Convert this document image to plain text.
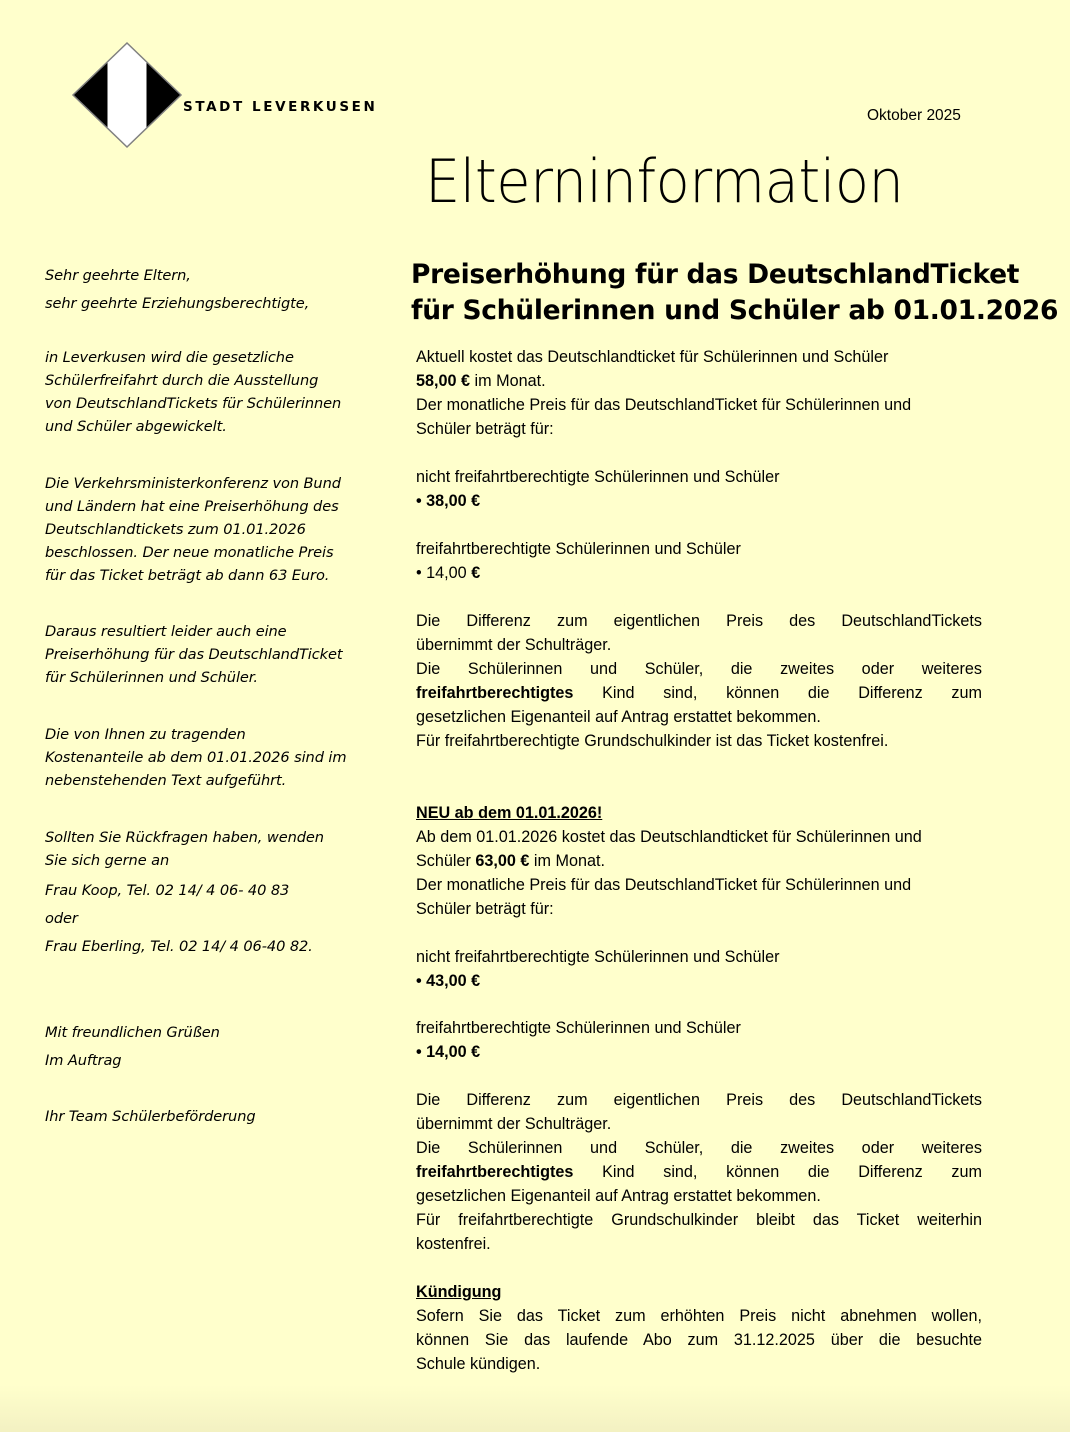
STADT LEVERKUSEN	Oktober 2025
Elterninformation

Sehr geehrte Eltern,

sehr geehrte Erziehungsberechtigte,

in Leverkusen wird die gesetzliche

Schülerfreifahrt durch die Ausstellung

von DeutschlandTickets für Schülerinnen

und Schüler abgewickelt.

Die Verkehrsministerkonferenz von Bund

und Ländern hat eine Preiserhöhung des

Deutschlandtickets zum 01.01.2026

beschlossen. Der neue monatliche Preis

für das Ticket beträgt ab dann 63 Euro.

Daraus resultiert leider auch eine

Preiserhöhung für das DeutschlandTicket

für Schülerinnen und Schüler.

Die von Ihnen zu tragenden

Kostenanteile ab dem 01.01.2026 sind im

nebenstehenden Text aufgeführt.

Sollten Sie Rückfragen haben, wenden

Sie sich gerne an

Frau Koop, Tel. 02 14/ 4 06- 40 83

oder

Frau Eberling, Tel. 02 14/ 4 06-40 82.

Mit freundlichen Grüßen

Im Auftrag

Ihr Team Schülerbeförderung

Preiserhöhung für das DeutschlandTicket
für Schülerinnen und Schüler ab 01.01.2026

Aktuell kostet das Deutschlandticket für Schülerinnen und Schüler

58,00 € im Monat.

Der monatliche Preis für das DeutschlandTicket für Schülerinnen und

Schüler beträgt für:

nicht freifahrtberechtigte Schülerinnen und Schüler

• 38,00 €

freifahrtberechtigte Schülerinnen und Schüler

• 14,00 €

Die Differenz zum eigentlichen Preis des DeutschlandTickets

übernimmt der Schulträger.

Die Schülerinnen und Schüler, die zweites oder weiteres

freifahrtberechtigtes Kind sind, können die Differenz zum

gesetzlichen Eigenanteil auf Antrag erstattet bekommen.

Für freifahrtberechtigte Grundschulkinder ist das Ticket kostenfrei.

NEU ab dem 01.01.2026!

Ab dem 01.01.2026 kostet das Deutschlandticket für Schülerinnen und

Schüler 63,00 € im Monat.

Der monatliche Preis für das DeutschlandTicket für Schülerinnen und

Schüler beträgt für:

nicht freifahrtberechtigte Schülerinnen und Schüler

• 43,00 €

freifahrtberechtigte Schülerinnen und Schüler

• 14,00 €

Die Differenz zum eigentlichen Preis des DeutschlandTickets

übernimmt der Schulträger.

Die Schülerinnen und Schüler, die zweites oder weiteres

freifahrtberechtigtes Kind sind, können die Differenz zum

gesetzlichen Eigenanteil auf Antrag erstattet bekommen.

Für freifahrtberechtigte Grundschulkinder bleibt das Ticket weiterhin

kostenfrei.

Kündigung

Sofern Sie das Ticket zum erhöhten Preis nicht abnehmen wollen,

können Sie das laufende Abo zum 31.12.2025 über die besuchte

Schule kündigen.
